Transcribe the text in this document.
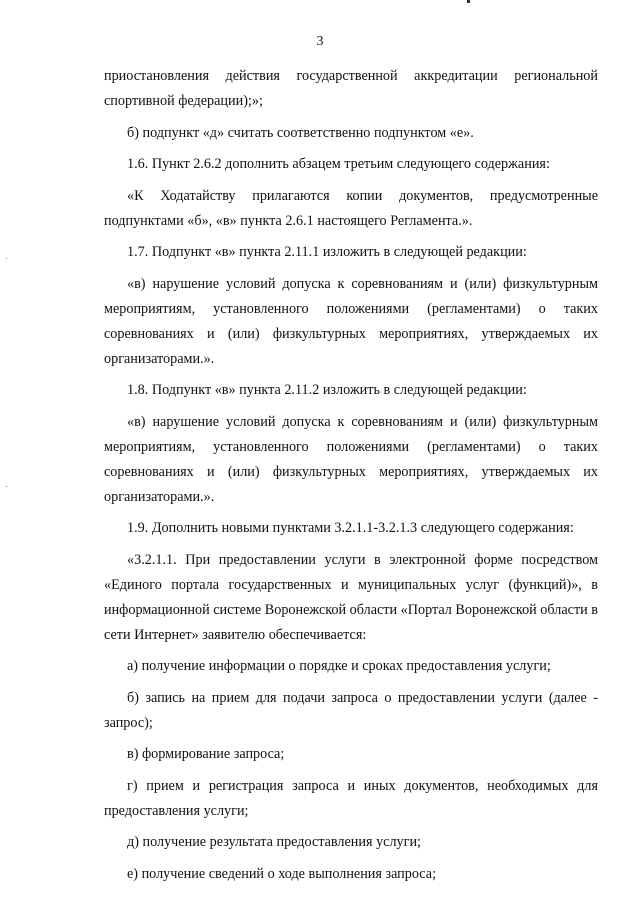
3

приостановления действия государственной аккредитации региональной спортивной федерации);»;

б) подпункт «д» считать соответственно подпунктом «е».

1.6. Пункт 2.6.2 дополнить абзацем третьим следующего содержания:

«К Ходатайству прилагаются копии документов, предусмотренные подпунктами «б», «в» пункта 2.6.1 настоящего Регламента.».

1.7. Подпункт «в» пункта 2.11.1 изложить в следующей редакции:

«в) нарушение условий допуска к соревнованиям и (или) физкультурным мероприятиям, установленного положениями (регламентами) о таких соревнованиях и (или) физкультурных мероприятиях, утверждаемых их организаторами.».

1.8. Подпункт «в» пункта 2.11.2 изложить в следующей редакции:

«в) нарушение условий допуска к соревнованиям и (или) физкультурным мероприятиям, установленного положениями (регламентами) о таких соревнованиях и (или) физкультурных мероприятиях, утверждаемых их организаторами.».

1.9. Дополнить новыми пунктами 3.2.1.1-3.2.1.3 следующего содержания:

«3.2.1.1. При предоставлении услуги в электронной форме посредством «Единого портала государственных и муниципальных услуг (функций)», в информационной системе Воронежской области «Портал Воронежской области в сети Интернет» заявителю обеспечивается:

а) получение информации о порядке и сроках предоставления услуги;

б) запись на прием для подачи запроса о предоставлении услуги (далее - запрос);

в) формирование запроса;

г) прием и регистрация запроса и иных документов, необходимых для предоставления услуги;

д) получение результата предоставления услуги;

е) получение сведений о ходе выполнения запроса;
